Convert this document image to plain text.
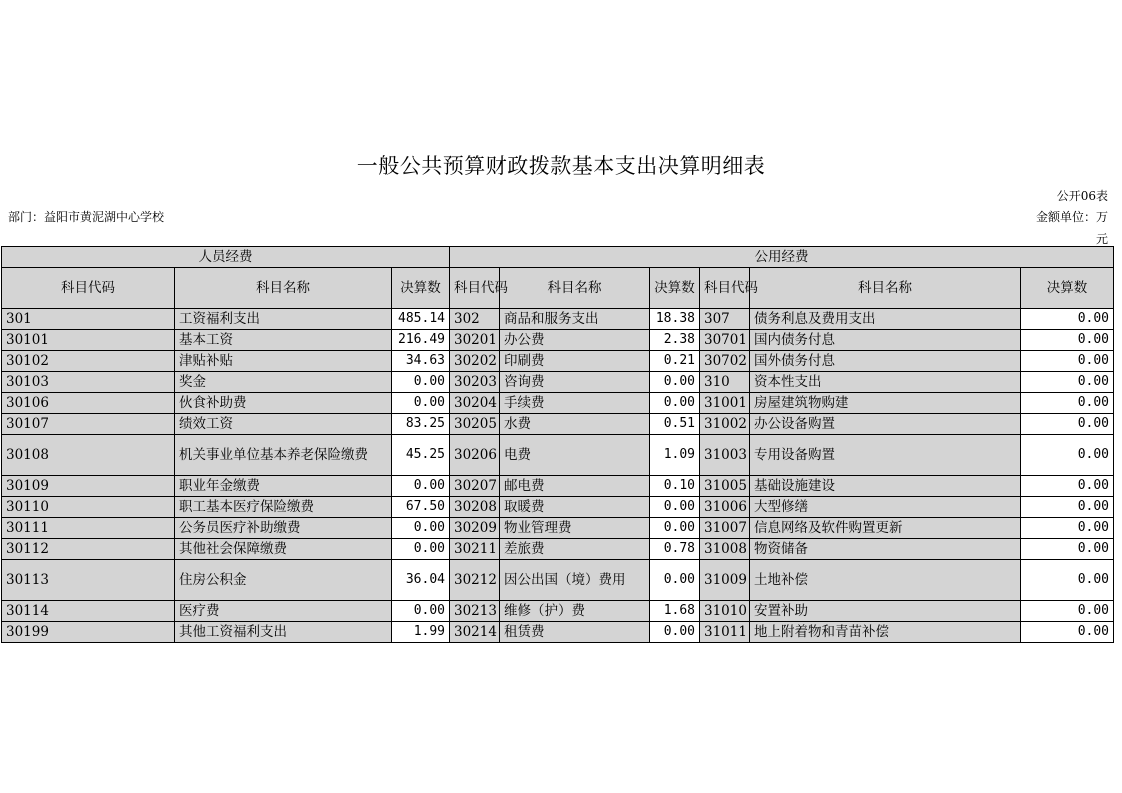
一般公共预算财政拨款基本支出决算明细表
公开06表
部门：益阳市黄泥湖中心学校	金额单位：万元
人员经费			公用经费					
科目代码	科目名称	决算数	科目代码	科目名称	决算数	科目代码	科目名称	决算数
301	工资福利支出	485.14	302	商品和服务支出	18.38	307	债务利息及费用支出	0.00
30101	基本工资	216.49	30201	办公费	2.38	30701	国内债务付息	0.00
30102	津贴补贴	34.63	30202	印刷费	0.21	30702	国外债务付息	0.00
30103	奖金	0.00	30203	咨询费	0.00	310	资本性支出	0.00
30106	伙食补助费	0.00	30204	手续费	0.00	31001	房屋建筑物购建	0.00
30107	绩效工资	83.25	30205	水费	0.51	31002	办公设备购置	0.00
30108	机关事业单位基本养老保险缴费	45.25	30206	电费	1.09	31003	专用设备购置	0.00
30109	职业年金缴费	0.00	30207	邮电费	0.10	31005	基础设施建设	0.00
30110	职工基本医疗保险缴费	67.50	30208	取暖费	0.00	31006	大型修缮	0.00
30111	公务员医疗补助缴费	0.00	30209	物业管理费	0.00	31007	信息网络及软件购置更新	0.00
30112	其他社会保障缴费	0.00	30211	差旅费	0.78	31008	物资储备	0.00
30113	住房公积金	36.04	30212	因公出国（境）费用	0.00	31009	土地补偿	0.00
30114	医疗费	0.00	30213	维修（护）费	1.68	31010	安置补助	0.00
30199	其他工资福利支出	1.99	30214	租赁费	0.00	31011	地上附着物和青苗补偿	0.00
